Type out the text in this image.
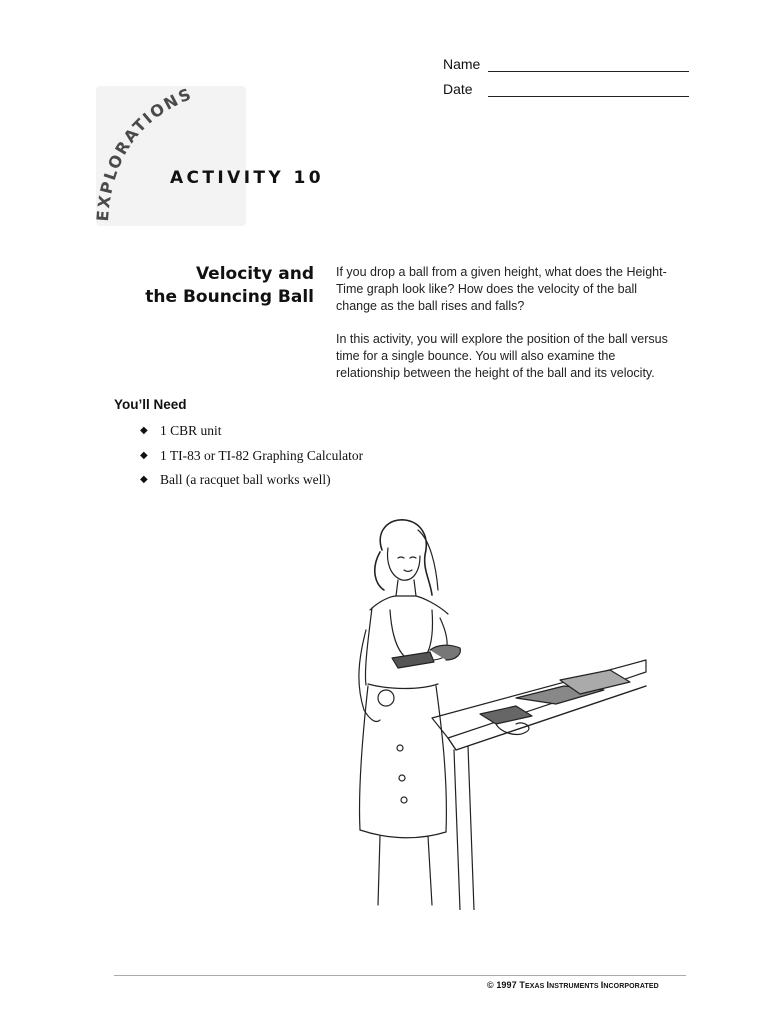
Name
Date
EXPLORATIONS
ACTIVITY 10
Velocity and
the Bouncing Ball

If you drop a ball from a given height, what does the Height-Time graph look like? How does the velocity of the ball change as the ball rises and falls?

In this activity, you will explore the position of the ball versus time for a single bounce. You will also examine the relationship between the height of the ball and its velocity.

You’ll Need
◆ 1 CBR unit
◆ 1 TI-83 or TI-82 Graphing Calculator
◆ Ball (a racquet ball works well)
© 1997 TEXAS INSTRUMENTS INCORPORATED
